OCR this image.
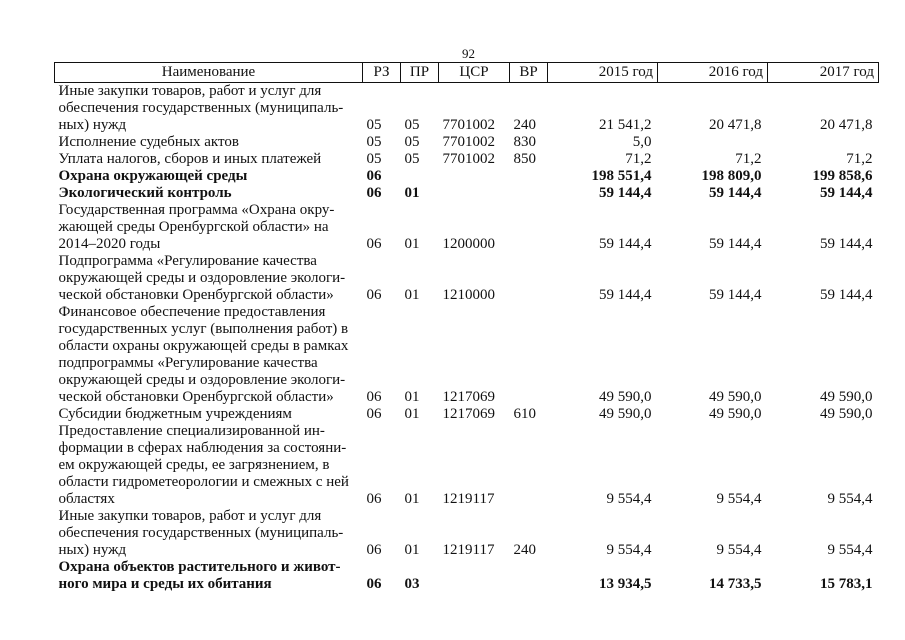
92
Наименование	РЗ	ПР	ЦСР	ВР	2015 год	2016 год	2017 год
Иные закупки товаров, работ и услуг для обеспечения государственных (муниципаль-ных) нужд	05	05	7701002	240	21 541,2	20 471,8	20 471,8
Исполнение судебных актов	05	05	7701002	830	5,0		
Уплата налогов, сборов и иных платежей	05	05	7701002	850	71,2	71,2	71,2
Охрана окружающей среды	06				198 551,4	198 809,0	199 858,6
Экологический контроль	06	01			59 144,4	59 144,4	59 144,4
Государственная программа «Охрана окру-жающей среды Оренбургской области» на 2014–2020 годы	06	01	1200000		59 144,4	59 144,4	59 144,4
Подпрограмма «Регулирование качества окружающей среды и оздоровление экологи-ческой обстановки Оренбургской области»	06	01	1210000		59 144,4	59 144,4	59 144,4
Финансовое обеспечение предоставления государственных услуг (выполнения работ) в области охраны окружающей среды в рамках подпрограммы «Регулирование качества окружающей среды и оздоровление экологи-ческой обстановки Оренбургской области»	06	01	1217069		49 590,0	49 590,0	49 590,0
Субсидии бюджетным учреждениям	06	01	1217069	610	49 590,0	49 590,0	49 590,0
Предоставление специализированной ин-формации в сферах наблюдения за состояни-ем окружающей среды, ее загрязнением, в области гидрометеорологии и смежных с ней областях	06	01	1219117		9 554,4	9 554,4	9 554,4
Иные закупки товаров, работ и услуг для обеспечения государственных (муниципаль-ных) нужд	06	01	1219117	240	9 554,4	9 554,4	9 554,4
Охрана объектов растительного и живот-ного мира и среды их обитания	06	03			13 934,5	14 733,5	15 783,1
